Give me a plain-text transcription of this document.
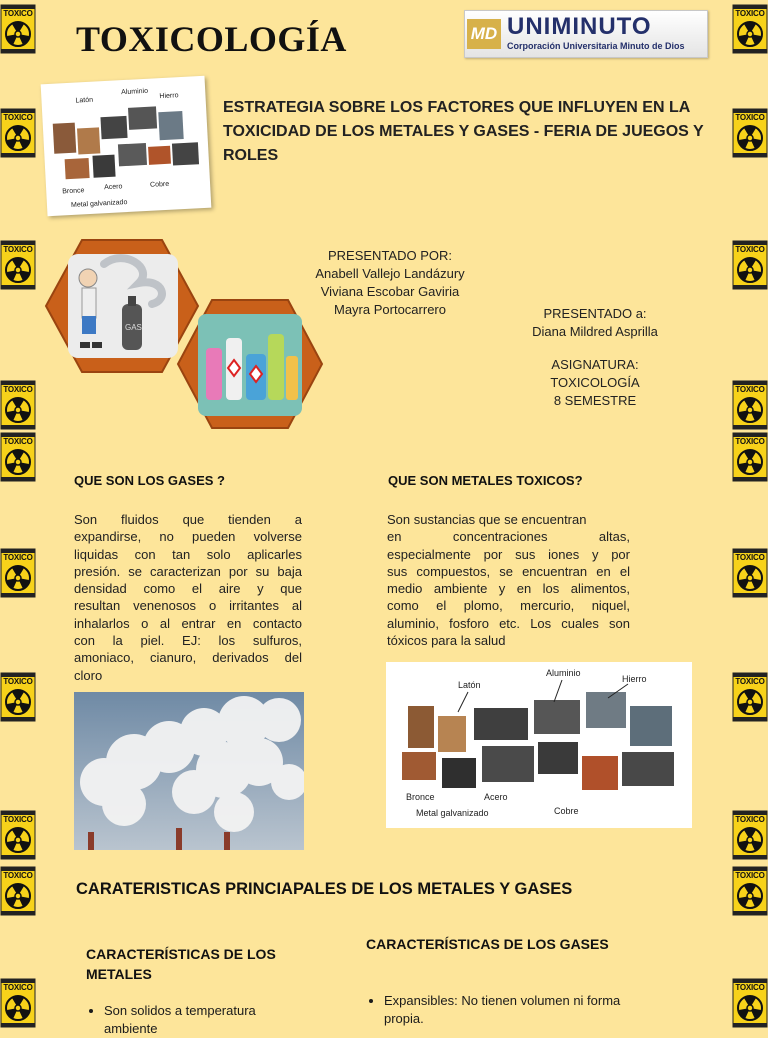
TOXICO
TOXICO
TOXICO
TOXICO
TOXICO
TOXICO
TOXICO
TOXICO
TOXICO
TOXICO
TOXICO
TOXICO
TOXICO
TOXICO
TOXICO
TOXICO
TOXICO
TOXICO
TOXICO
TOXICO
TOXICOLOGÍA	MD UNIMINUTO
Corporación Universitaria Minuto de Dios
Latón
Aluminio
Hierro
Bronce
Acero	Cobre
Metal galvanizado
ESTRATEGIA SOBRE LOS FACTORES QUE INFLUYEN EN LA TOXICIDAD DE LOS METALES Y GASES - FERIA DE JUEGOS Y ROLES
GAS
PRESENTADO POR:
Anabell Vallejo Landázury
Viviana Escobar Gaviria
Mayra Portocarrero	PRESENTADO a:
Diana Mildred Asprilla
ASIGNATURA:
TOXICOLOGÍA
8 SEMESTRE
QUE SON LOS GASES ?
Son fluidos que tienden a
expandirse, no pueden volverse
liquidas con tan solo aplicarles
presión. se caracterizan por su baja
densidad como el aire y que
resultan venenosos o irritantes al
inhalarlos o al entrar en contacto
con la piel. EJ: los sulfuros,
amoniaco, cianuro, derivados del
cloro
QUE SON METALES TOXICOS?
Son sustancias que se encuentran
en concentraciones altas,
especialmente por sus iones y por
sus compuestos, se encuentran en el
medio ambiente y en los alimentos,
como el plomo, mercurio, niquel,
aluminio, fosforo etc. Los cuales son
tóxicos para la salud
Latón
Aluminio
Hierro
Bronce	Acero
Cobre
Metal galvanizado
CARATERISTICAS PRINCIAPALES DE LOS METALES Y GASES
CARACTERÍSTICAS DE LOS METALES
• Son solidos a temperatura ambiente
CARACTERÍSTICAS DE LOS GASES
• Expansibles: No tienen volumen ni forma propia.
